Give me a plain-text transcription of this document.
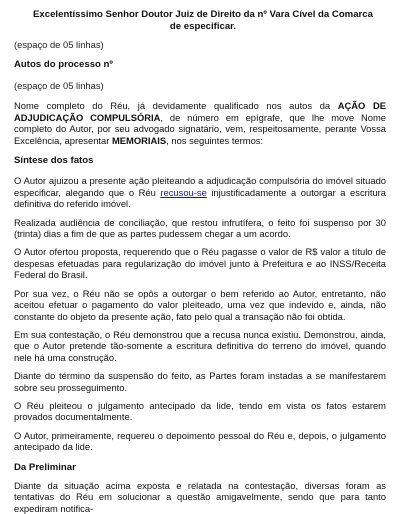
Excelentíssimo Senhor Doutor Juiz de Direito da nº Vara Cível da Comarca
de especificar.

(espaço de 05 linhas)

Autos do processo nº

(espaço de 05 linhas)

Nome completo do Réu, já devidamente qualificado nos autos da AÇÃO DE ADJUDICAÇÃO COMPULSÓRIA, de número em epígrafe, que lhe move Nome completo do Autor, por seu advogado signatário, vem, respeitosamente, perante Vossa Excelência, apresentar MEMORIAIS, nos seguintes termos:

Síntese dos fatos

O Autor ajuizou a presente ação pleiteando a adjudicação compulsória do imóvel situado especificar, alegando que o Réu recusou-se injustificadamente a outorgar a escritura definitiva do referido imóvel.

Realizada audiência de conciliação, que restou infrutífera, o feito foi suspenso por 30 (trinta) dias a fim de que as partes pudessem chegar a um acordo.

O Autor ofertou proposta, requerendo que o Réu pagasse o valor de R$ valor a título de despesas efetuadas para regularização do imóvel junto à Prefeitura e ao INSS/Receita Federal do Brasil.

Por sua vez, o Réu não se opôs a outorgar o bem referido ao Autor, entretanto, não aceitou efetuar o pagamento do valor pleiteado, uma vez que indevido e, ainda, não constante do objeto da presente ação, fato pelo qual a transação não foi obtida.

Em sua contestação, o Réu demonstrou que a recusa nunca existiu. Demonstrou, ainda, que o Autor pretende tão-somente a escritura definitiva do terreno do imóvel, quando nele há uma construção.

Diante do término da suspensão do feito, as Partes foram instadas a se manifestarem sobre seu prosseguimento.

O Réu pleiteou o julgamento antecipado da lide, tendo em vista os fatos estarem provados documentalmente.

O Autor, primeiramente, requereu o depoimento pessoal do Réu e, depois, o julgamento antecipado da lide.

Da Preliminar

Diante da situação acima exposta e relatada na contestação, diversas foram as tentativas do Réu em solucionar a questão amigavelmente, sendo que para tanto expediram notifica-
